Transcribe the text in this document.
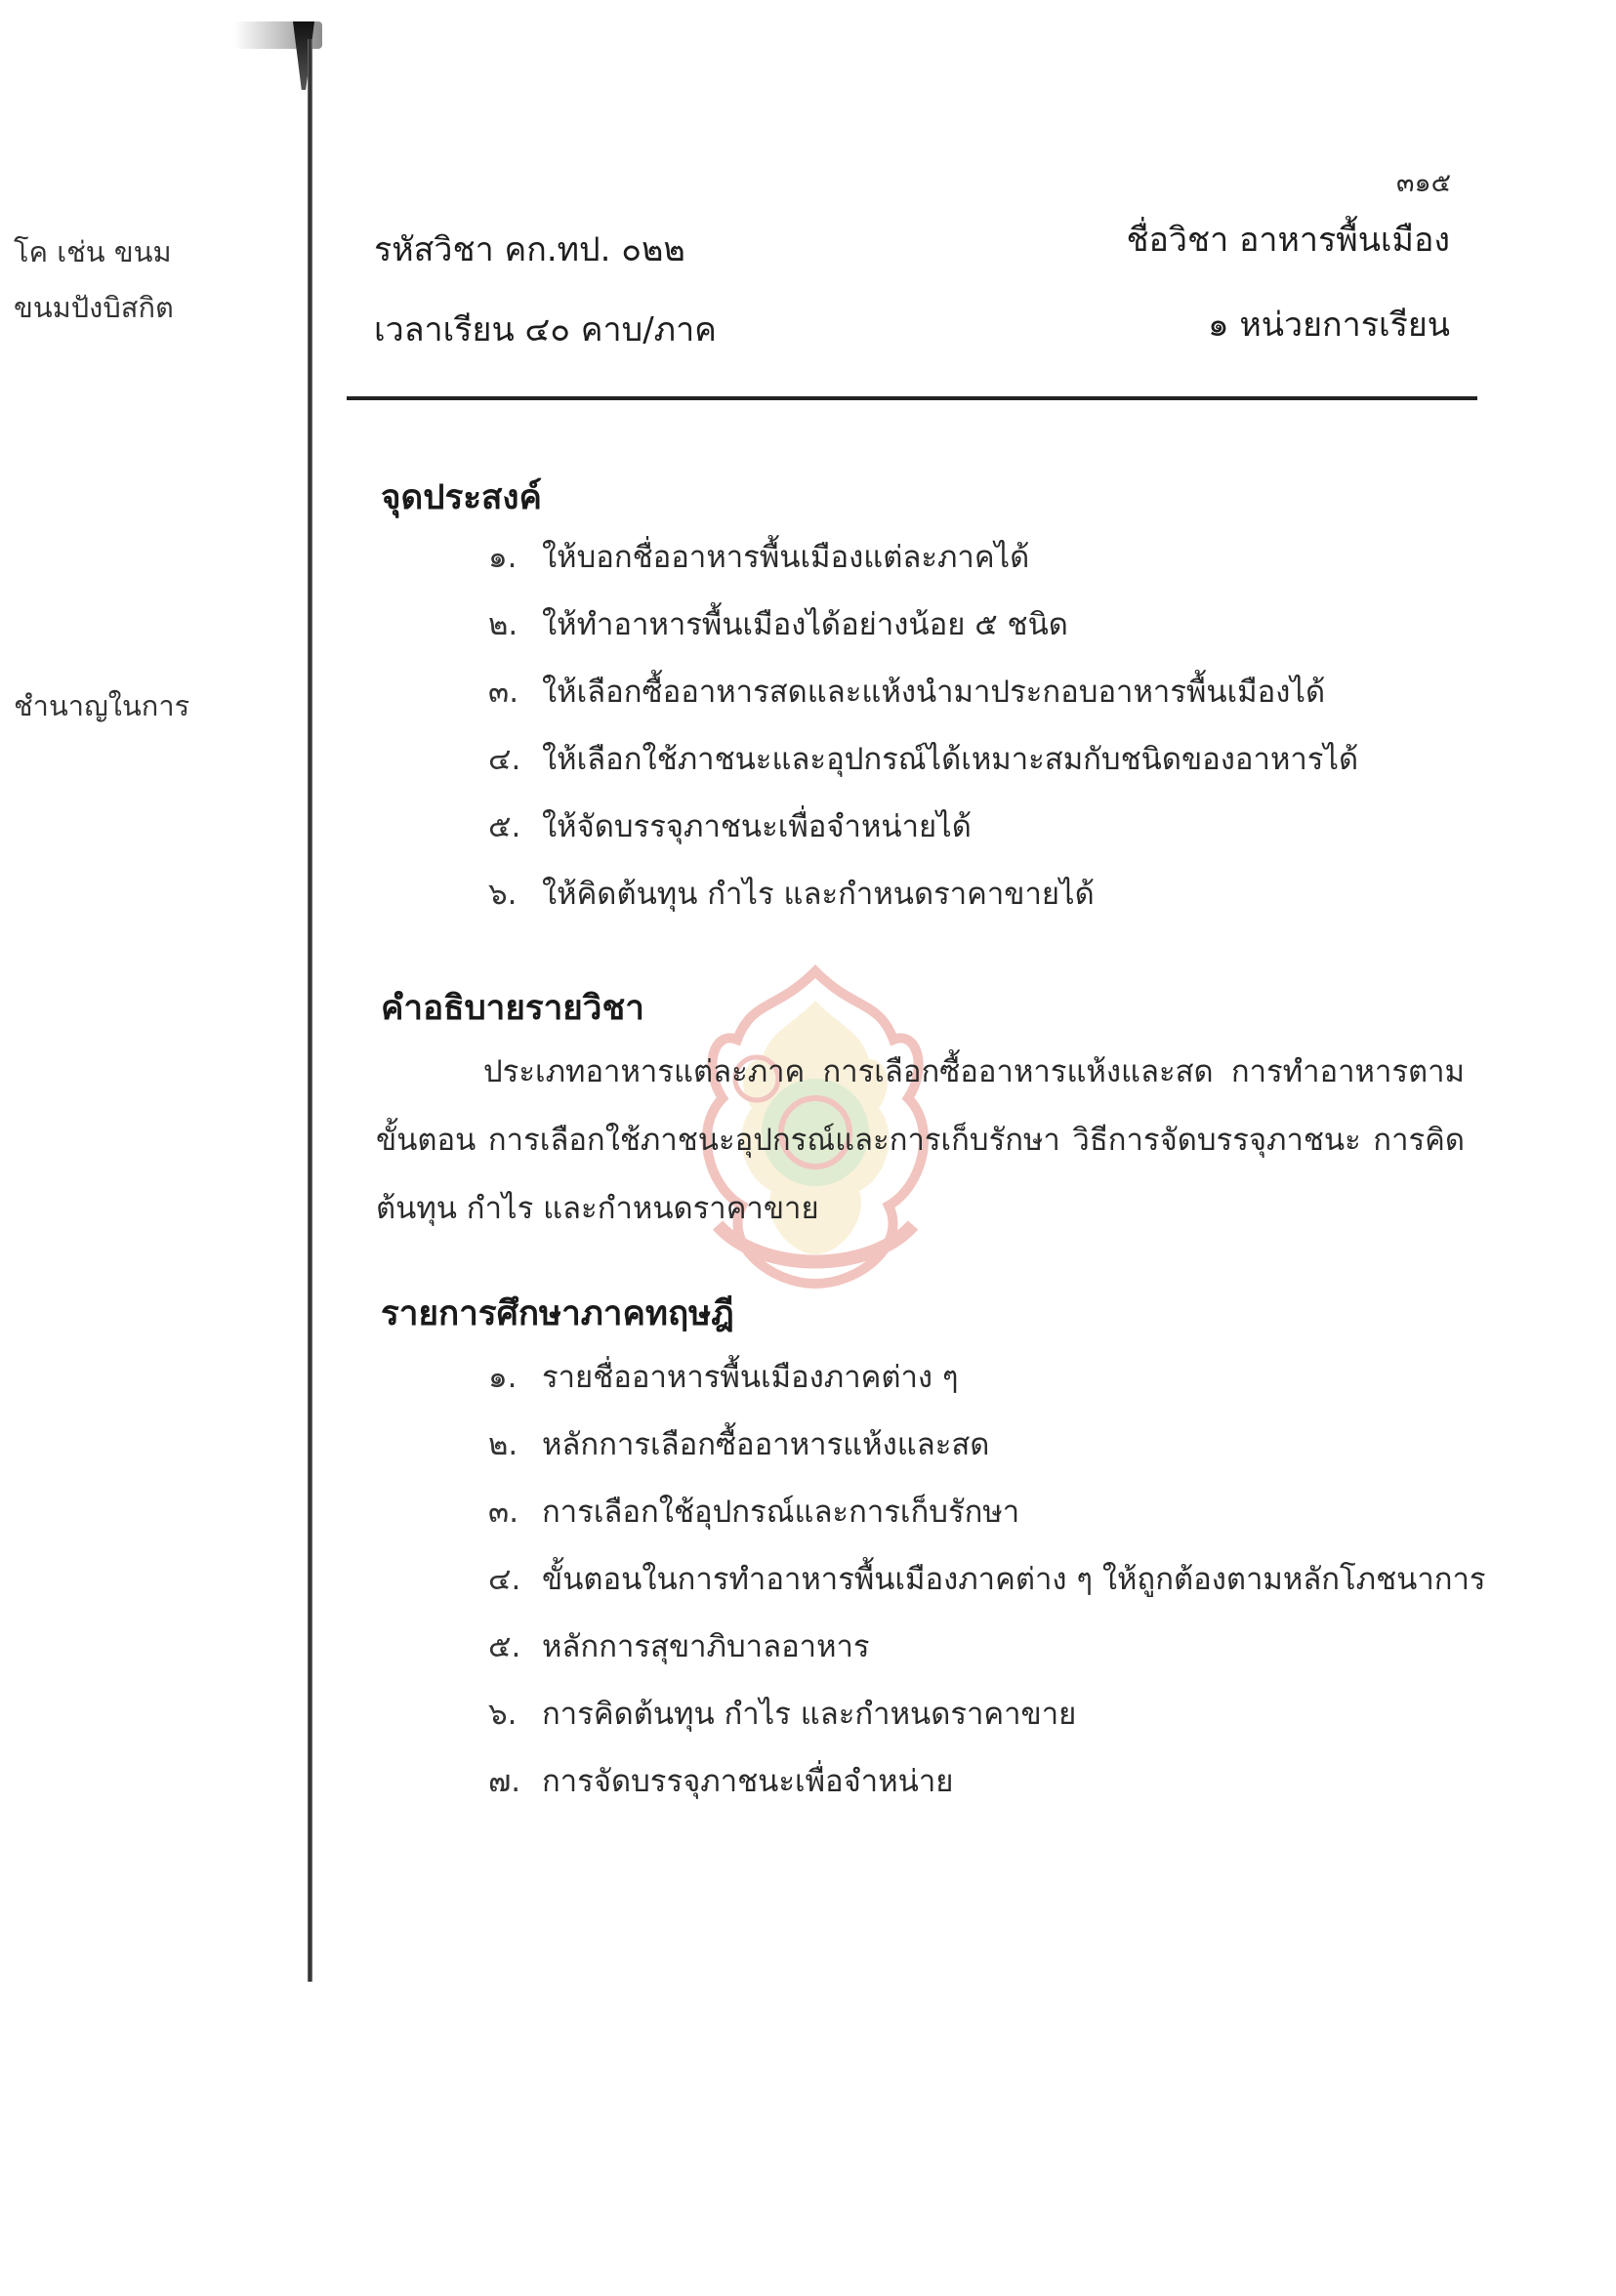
โค เช่น ขนม
ขนมปังบิสกิต
ชำนาญในการ
๓๑๕
รหัสวิชา คก.ทป. ๐๒๒	ชื่อวิชา อาหารพื้นเมือง
เวลาเรียน ๔๐ คาบ/ภาค	๑ หน่วยการเรียน
จุดประสงค์
๑. ให้บอกชื่ออาหารพื้นเมืองแต่ละภาคได้
๒. ให้ทำอาหารพื้นเมืองได้อย่างน้อย ๕ ชนิด
๓. ให้เลือกซื้ออาหารสดและแห้งนำมาประกอบอาหารพื้นเมืองได้
๔. ให้เลือกใช้ภาชนะและอุปกรณ์ได้เหมาะสมกับชนิดของอาหารได้
๕. ให้จัดบรรจุภาชนะเพื่อจำหน่ายได้
๖. ให้คิดต้นทุน กำไร และกำหนดราคาขายได้
คำอธิบายรายวิชา

ประเภทอาหารแต่ละภาค การเลือกซื้ออาหารแห้งและสด การทำอาหารตามขั้นตอน การเลือกใช้ภาชนะอุปกรณ์และการเก็บรักษา วิธีการจัดบรรจุภาชนะ การคิดต้นทุน กำไร และกำหนดราคาขาย

รายการศึกษาภาคทฤษฎี
๑. รายชื่ออาหารพื้นเมืองภาคต่าง ๆ
๒. หลักการเลือกซื้ออาหารแห้งและสด
๓. การเลือกใช้อุปกรณ์และการเก็บรักษา
๔. ขั้นตอนในการทำอาหารพื้นเมืองภาคต่าง ๆ ให้ถูกต้องตามหลักโภชนาการ
๕. หลักการสุขาภิบาลอาหาร
๖. การคิดต้นทุน กำไร และกำหนดราคาขาย
๗. การจัดบรรจุภาชนะเพื่อจำหน่าย
